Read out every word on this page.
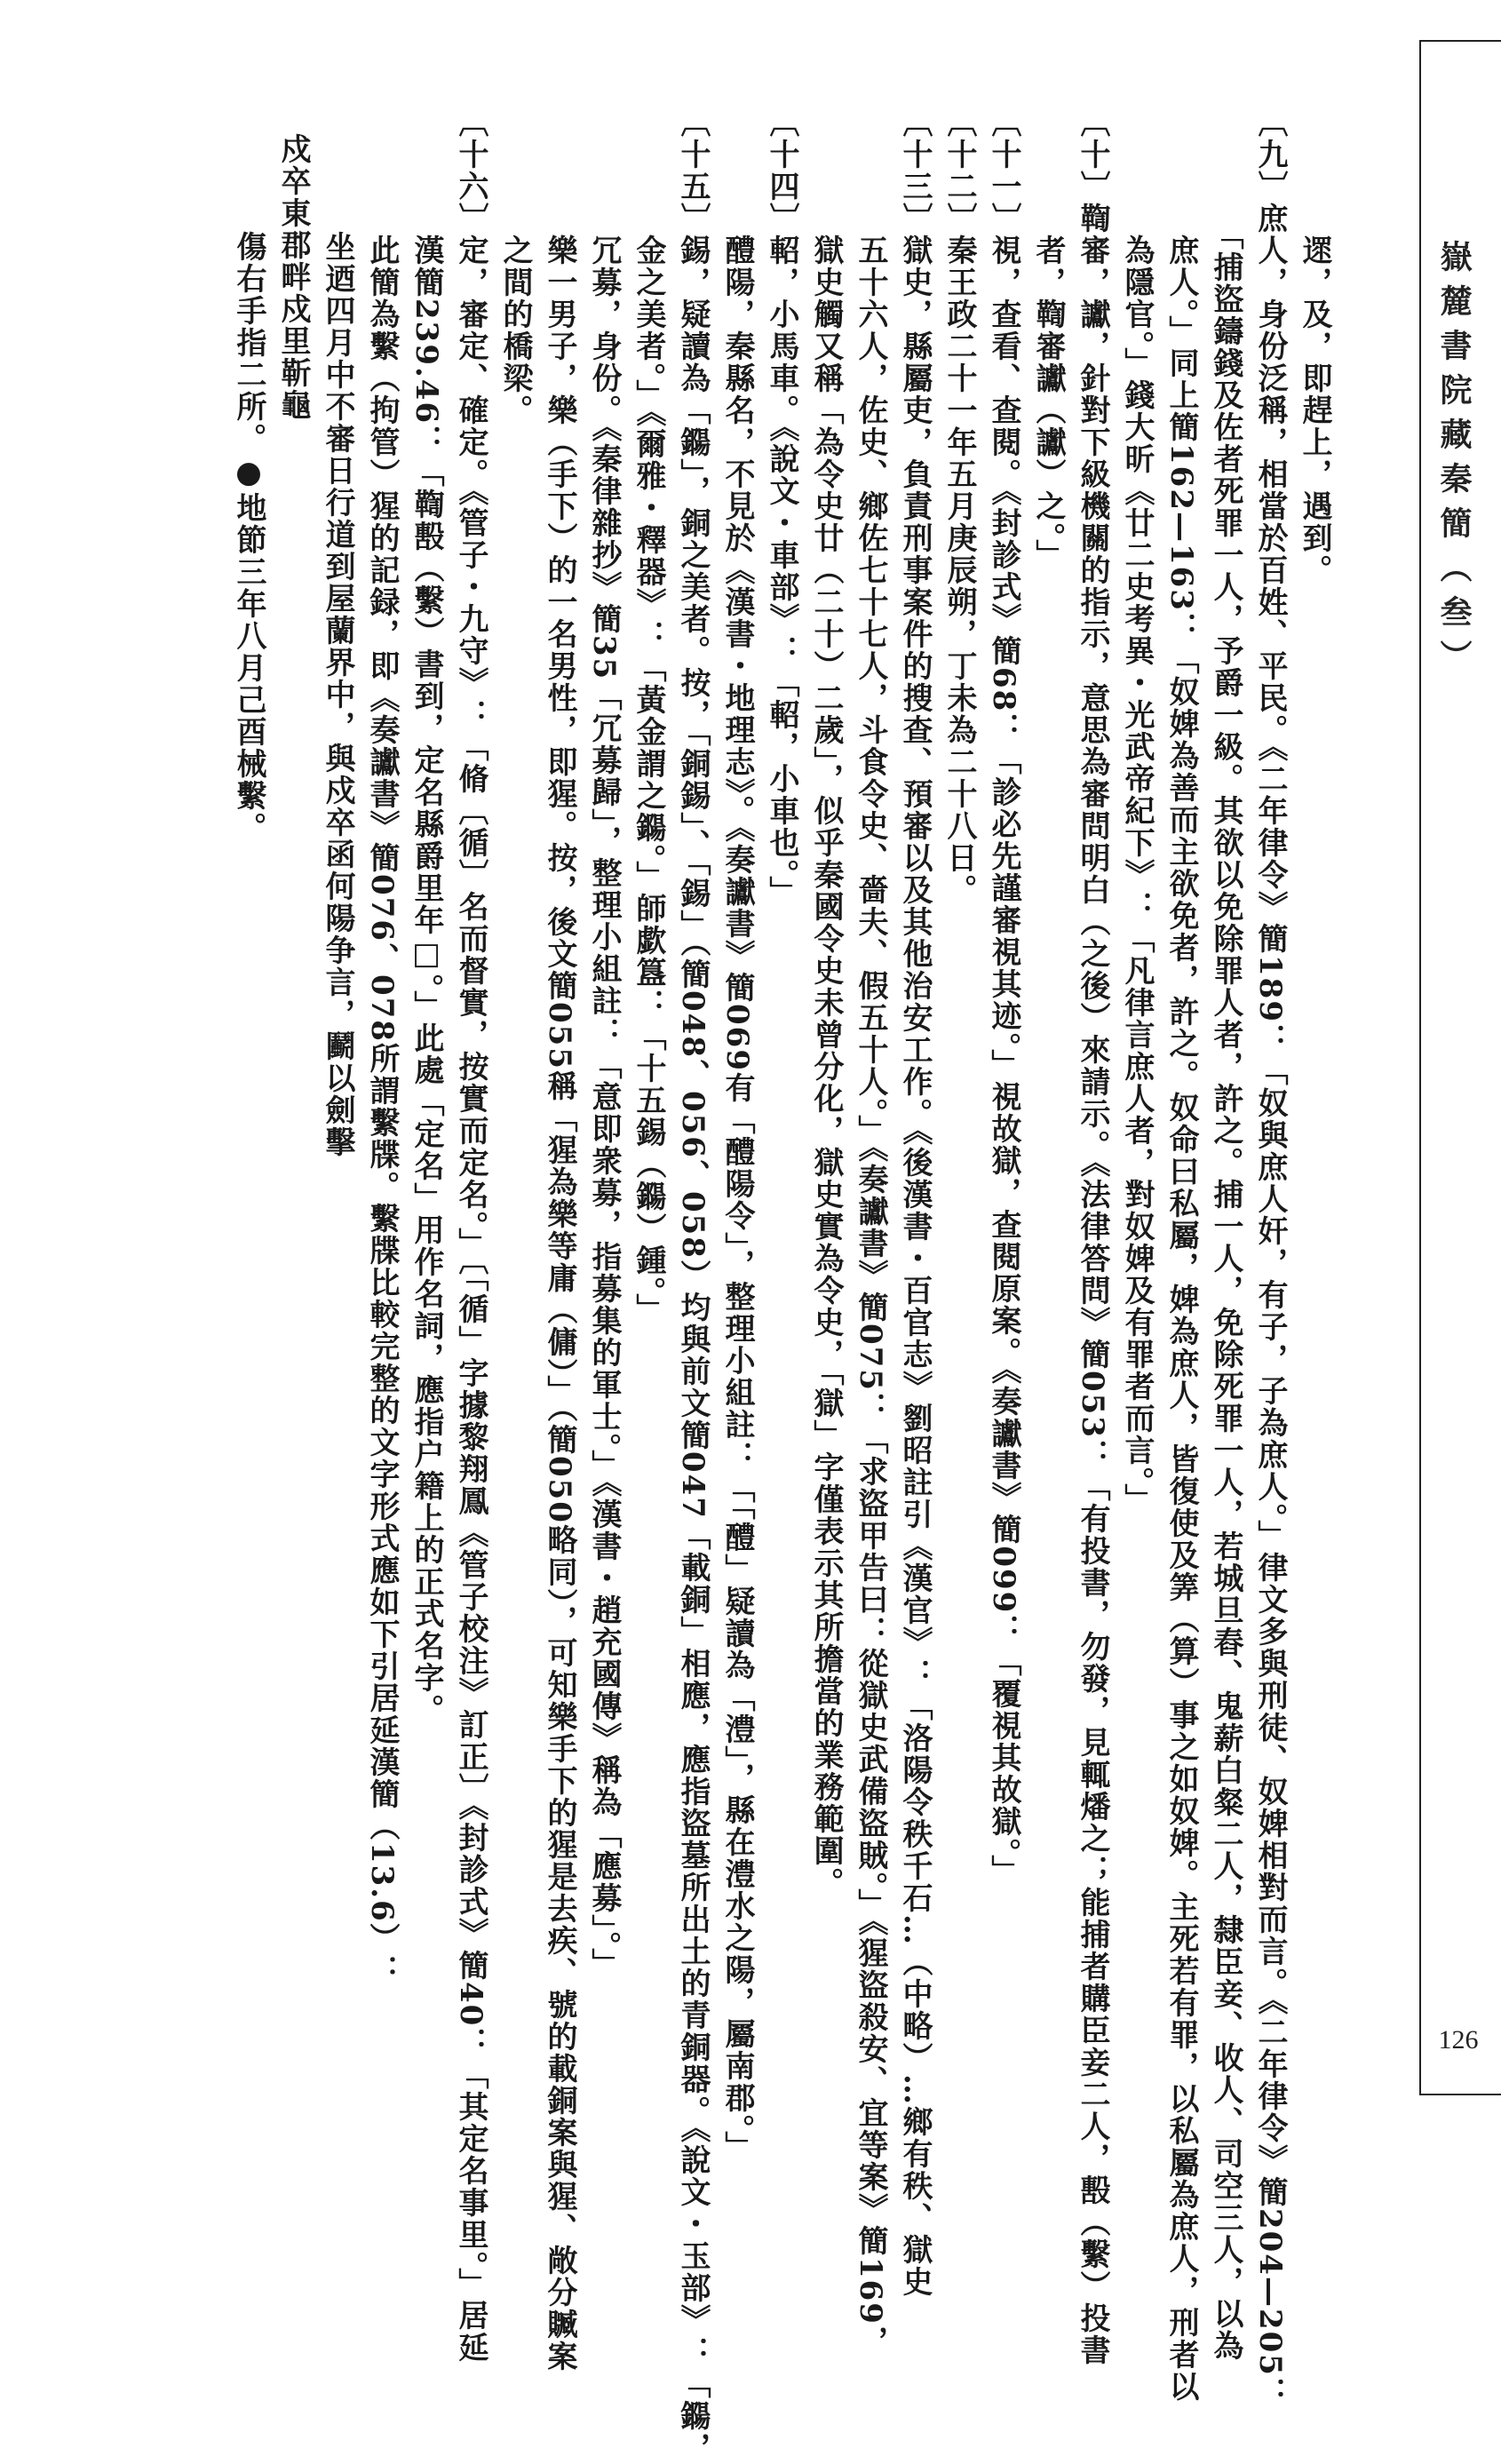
嶽麓書院藏秦簡（叁）
126
　　　　遝，及，即趕上，遇到。
〔九〕庶人，身份泛稱，相當於百姓、平民。《二年律令》簡189：「奴與庶人奸，有子，子為庶人。」律文多與刑徒、奴婢相對而言。《二年律令》簡204—205：
　　　　「捕盜鑄錢及佐者死罪一人，予爵一級。其欲以免除罪人者，許之。捕一人，免除死罪一人，若城旦舂、鬼薪白粲二人，隸臣妾、收人、司空三人，以為
　　　　庶人。」同上簡162—163：「奴婢為善而主欲免者，許之。奴命曰私屬，婢為庶人，皆復使及筭（算）事之如奴婢。主死若有罪，以私屬為庶人，刑者以
　　　　為隱官。」錢大昕《廿二史考異・光武帝紀下》：「凡律言庶人者，對奴婢及有罪者而言。」
〔十〕鞫審，讞，針對下級機關的指示，意思為審問明白（之後）來請示。《法律答問》簡053：「有投書，勿發，見輒燔之；能捕者購臣妾二人，毄（繫）投書
　　　　者，鞫審讞（讞）之。」
〔十一〕視，查看、查閱。《封診式》簡68：「診必先謹審視其迹。」視故獄，查閱原案。《奏讞書》簡099：「覆視其故獄。」
〔十二〕秦王政二十一年五月庚辰朔，丁未為二十八日。
〔十三〕獄史，縣屬吏，負責刑事案件的搜查、預審以及其他治安工作。《後漢書・百官志》劉昭註引《漢官》：「洛陽令秩千石…（中略）…鄉有秩、獄史
　　　　五十六人，佐史、鄉佐七十七人，斗食令史、嗇夫、假五十人。」《奏讞書》簡075：「求盜甲告曰：從獄史武備盜賊。」《猩盜殺安、宜等案》簡169，
　　　　獄史觸又稱「為令史廿（二十）二歲」，似乎秦國令史未曾分化，獄史實為令史，「獄」字僅表示其所擔當的業務範圍。
〔十四〕軺，小馬車。《說文・車部》：「軺，小車也。」
　　　　醴陽，秦縣名，不見於《漢書・地理志》。《奏讞書》簡069有「醴陽令」，整理小組註：「「醴」疑讀為「澧」，縣在澧水之陽，屬南郡。」
〔十五〕錫，疑讀為「鐊」，銅之美者。按，「銅錫」、「錫」（簡048、056、058）均與前文簡047「載銅」相應，應指盜墓所出土的青銅器。《說文・玉部》：「鐊，
　　　　金之美者。」《爾雅・釋器》：「黃金謂之鐊。」師歔簋：「十五錫（鐊）鍾。」
　　　　冗募，身份。《秦律雜抄》簡35「冗募歸」，整理小組註：「意即衆募，指募集的軍士。」《漢書・趙充國傳》稱為「應募」。」
　　　　樂一男子，樂（手下）的一名男性，即猩。按，後文簡055稱「猩為樂等庸（傭）」（簡050略同），可知樂手下的猩是去疾、號的載銅案與猩、敞分贓案
　　　　之間的橋梁。
〔十六〕定，審定、確定。《管子・九守》：「脩〔循〕名而督實，按實而定名。」〔「循」字據黎翔鳳《管子校注》訂正〕《封診式》簡40：「其定名事里。」居延
　　　　漢簡239.46：「鞫毄（繫）書到，定名縣爵里年□。」此處「定名」用作名詞，應指户籍上的正式名字。
　　　　此簡為繫（拘管）猩的記録，即《奏讞書》簡076、078所謂繫牒。繫牒比較完整的文字形式應如下引居延漢簡（13.6）：
坐迺四月中不審日行道到屋蘭界中，與戍卒函何陽争言，鬬以劍擊
戍卒東郡畔戍里靳龜
傷右手指二所。●地節三年八月己酉械繫。
